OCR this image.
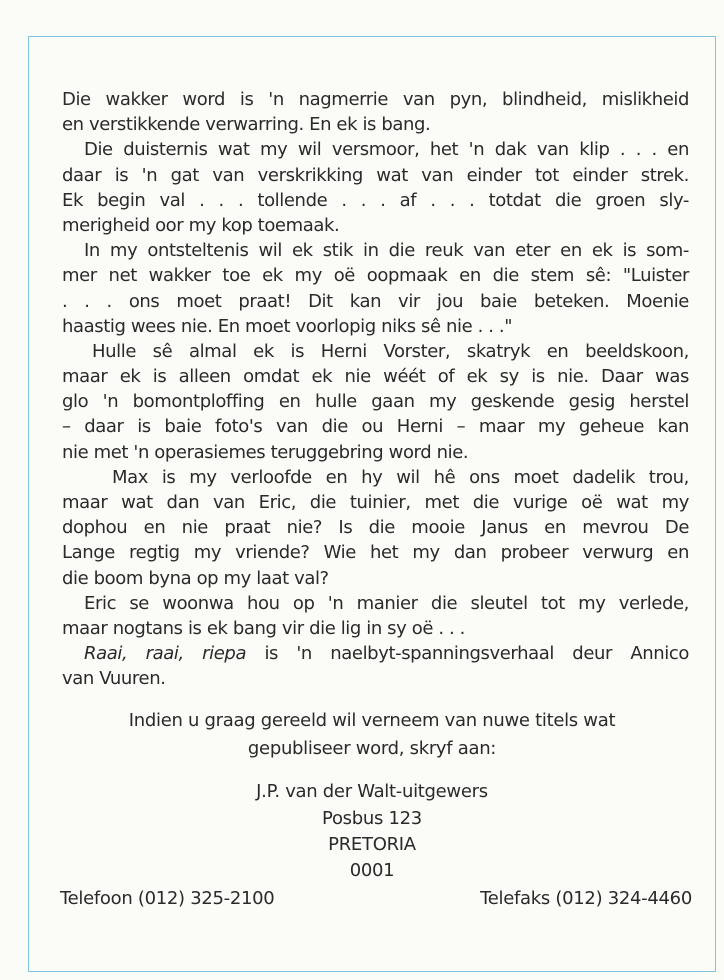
Die wakker word is 'n nagmerrie van pyn, blindheid, mislikheid
en verstikkende verwarring. En ek is bang.
Die duisternis wat my wil versmoor, het 'n dak van klip . . . en
daar is 'n gat van verskrikking wat van einder tot einder strek.
Ek begin val . . . tollende . . . af . . . totdat die groen sly-
merigheid oor my kop toemaak.
In my ontsteltenis wil ek stik in die reuk van eter en ek is som-
mer net wakker toe ek my oë oopmaak en die stem sê: "Luister
. . . ons moet praat! Dit kan vir jou baie beteken. Moenie
haastig wees nie. En moet voorlopig niks sê nie . . ."
Hulle sê almal ek is Herni Vorster, skatryk en beeldskoon,
maar ek is alleen omdat ek nie wéét of ek sy is nie. Daar was
glo 'n bomontploffing en hulle gaan my geskende gesig herstel
– daar is baie foto's van die ou Herni – maar my geheue kan
nie met 'n operasiemes teruggebring word nie.
Max is my verloofde en hy wil hê ons moet dadelik trou,
maar wat dan van Eric, die tuinier, met die vurige oë wat my
dophou en nie praat nie? Is die mooie Janus en mevrou De
Lange regtig my vriende? Wie het my dan probeer verwurg en
die boom byna op my laat val?
Eric se woonwa hou op 'n manier die sleutel tot my verlede,
maar nogtans is ek bang vir die lig in sy oë . . .
Raai, raai, riepa is 'n naelbyt-spanningsverhaal deur Annico
van Vuuren.
Indien u graag gereeld wil verneem van nuwe titels wat
gepubliseer word, skryf aan:
J.P. van der Walt-uitgewers
Posbus 123
PRETORIA
0001
Telefoon (012) 325-2100	Telefaks (012) 324-4460
